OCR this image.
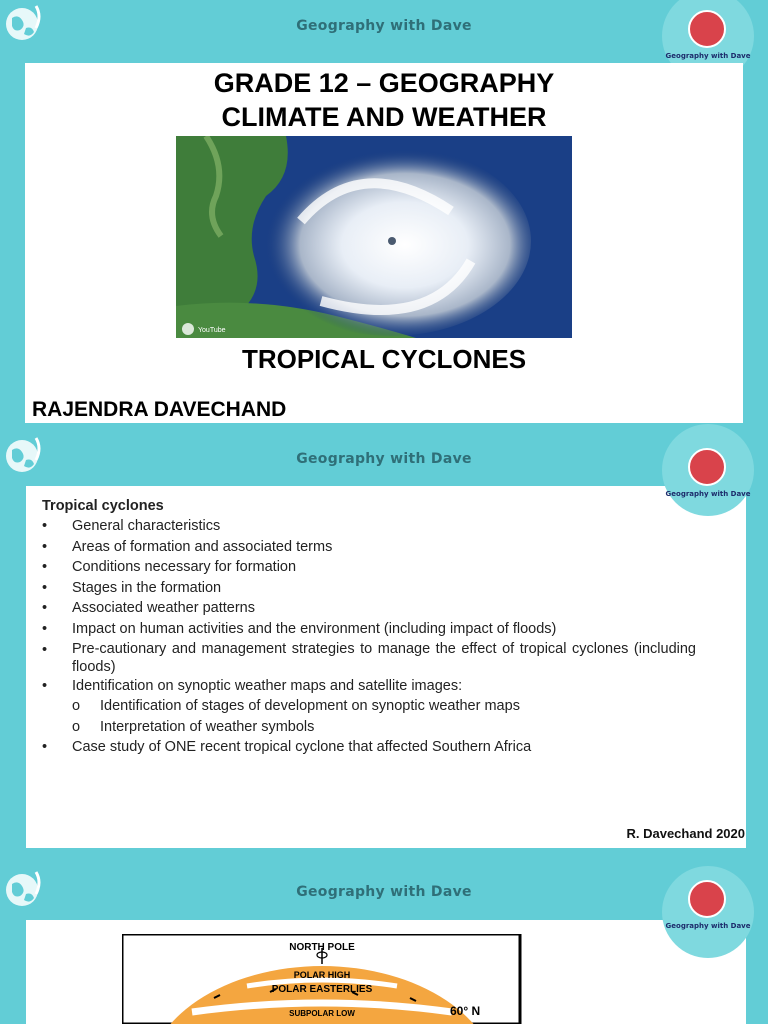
Geography with Dave
Geography with Dave
GRADE 12 – GEOGRAPHY
CLIMATE AND WEATHER
YouTube
TROPICAL CYCLONES
RAJENDRA DAVECHAND
Geography with Dave
Geography with Dave
Tropical cyclones
•	General characteristics
•	Areas of formation and associated terms
•	Conditions necessary for formation
•	Stages in the formation
•	Associated weather patterns
•	Impact on human activities and the environment (including impact of floods)
•	Pre-cautionary and management strategies to manage the effect of tropical cyclones (including floods)
•	Identification on synoptic weather maps and satellite images:
o	Identification of stages of development on synoptic weather maps
o	Interpretation of weather symbols
•	Case study of ONE recent tropical cyclone that affected Southern Africa
R. Davechand 2020
Geography with Dave
Geography with Dave
NORTH POLE
POLAR HIGH
POLAR EASTERLIES
SUBPOLAR LOW	60° N
